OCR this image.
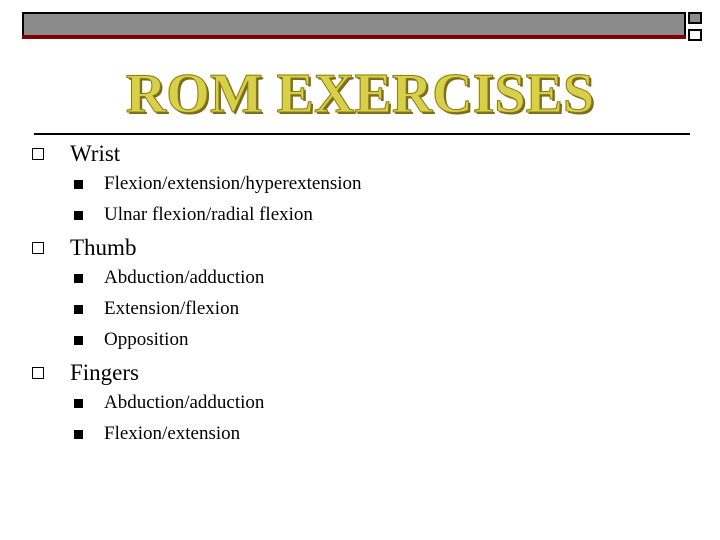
ROM EXERCISES
Wrist
Flexion/extension/hyperextension
Ulnar flexion/radial flexion
Thumb
Abduction/adduction
Extension/flexion
Opposition
Fingers
Abduction/adduction
Flexion/extension
